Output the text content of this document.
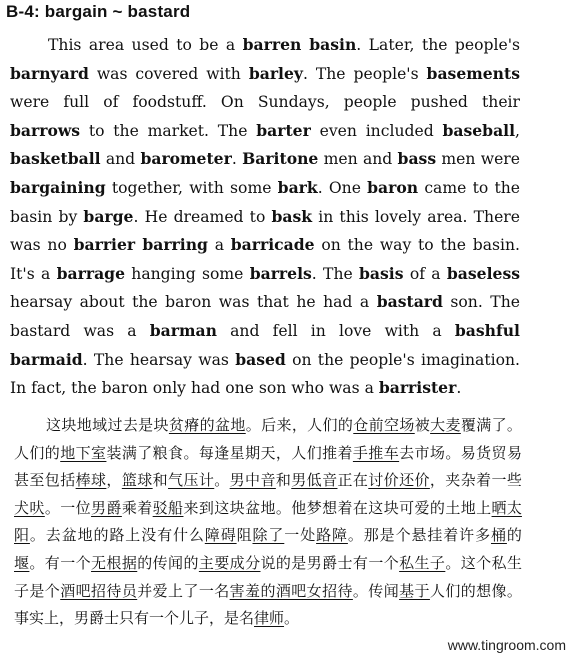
B-4: bargain ~ bastard

This area used to be a barren basin. Later, the people's barnyard was covered with barley. The people's basements were full of foodstuff. On Sundays, people pushed their barrows to the market. The barter even included baseball, basketball and barometer. Baritone men and bass men were bargaining together, with some bark. One baron came to the basin by barge. He dreamed to bask in this lovely area. There was no barrier barring a barricade on the way to the basin. It's a barrage hanging some barrels. The basis of a baseless hearsay about the baron was that he had a bastard son. The bastard was a barman and fell in love with a bashful barmaid. The hearsay was based on the people's imagination. In fact, the baron only had one son who was a barrister.

这块地域过去是块贫瘠的盆地。后来，人们的仓前空场被大麦覆满了。人们的地下室装满了粮食。每逢星期天，人们推着手推车去市场。易货贸易甚至包括棒球，篮球和气压计。男中音和男低音正在讨价还价，夹杂着一些犬吠。一位男爵乘着驳船来到这块盆地。他梦想着在这块可爱的土地上晒太阳。去盆地的路上没有什么障碍阻除了一处路障。那是个悬挂着许多桶的堰。有一个无根据的传闻的主要成分说的是男爵士有一个私生子。这个私生子是个酒吧招待员并爱上了一名害羞的酒吧女招待。传闻基于人们的想像。事实上，男爵士只有一个儿子，是名律师。

www.tingroom.com
